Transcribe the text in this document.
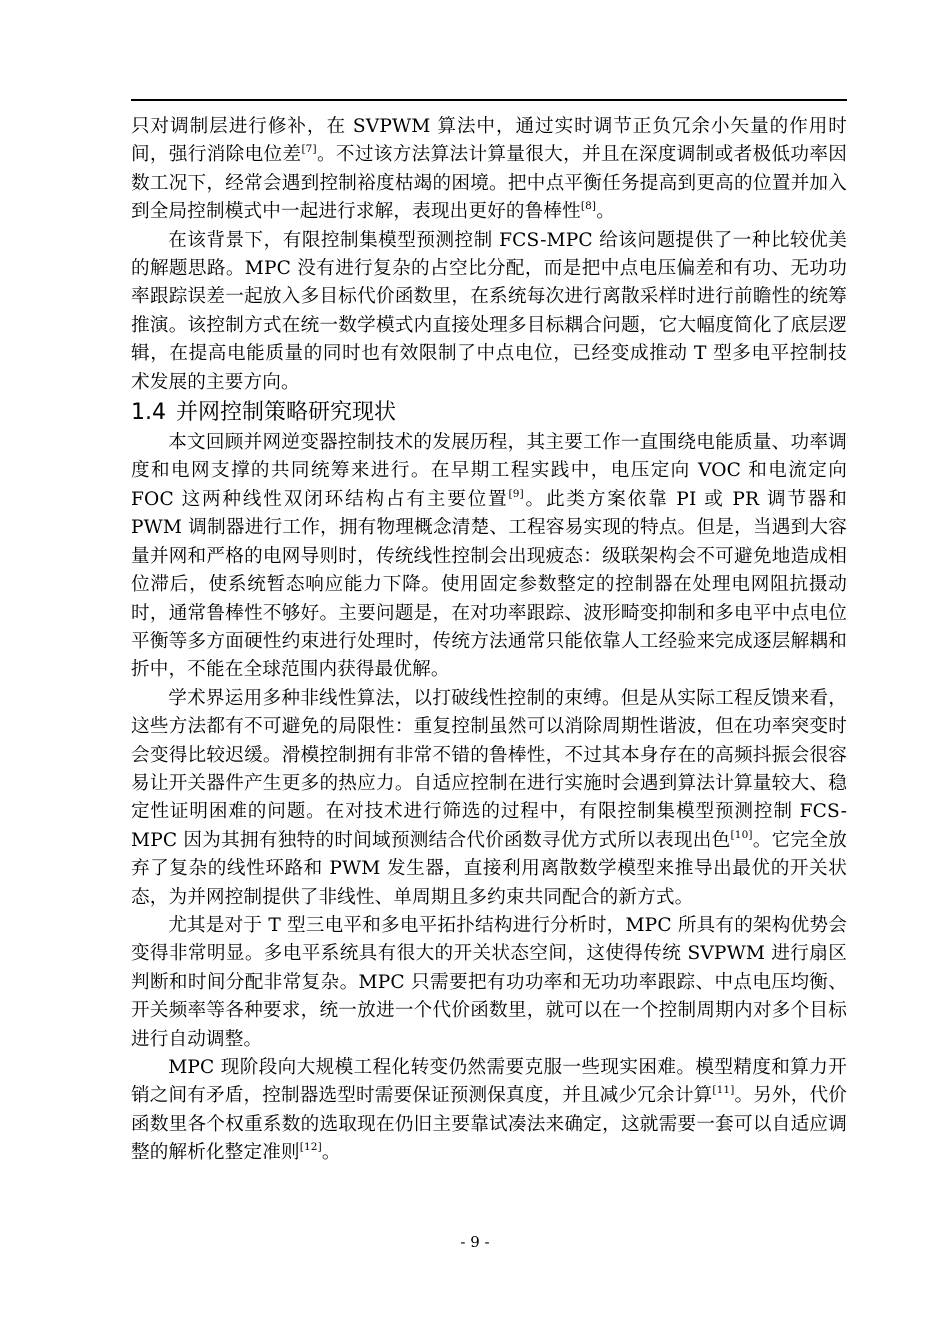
只对调制层进行修补，在 SVPWM 算法中，通过实时调节正负冗余小矢量的作用时间，强行消除电位差[7]。不过该方法算法计算量很大，并且在深度调制或者极低功率因数工况下，经常会遇到控制裕度枯竭的困境。把中点平衡任务提高到更高的位置并加入到全局控制模式中一起进行求解，表现出更好的鲁棒性[8]。

在该背景下，有限控制集模型预测控制 FCS-MPC 给该问题提供了一种比较优美的解题思路。MPC 没有进行复杂的占空比分配，而是把中点电压偏差和有功、无功功率跟踪误差一起放入多目标代价函数里，在系统每次进行离散采样时进行前瞻性的统筹推演。该控制方式在统一数学模式内直接处理多目标耦合问题，它大幅度简化了底层逻辑，在提高电能质量的同时也有效限制了中点电位，已经变成推动 T 型多电平控制技术发展的主要方向。

1.4 并网控制策略研究现状

本文回顾并网逆变器控制技术的发展历程，其主要工作一直围绕电能质量、功率调度和电网支撑的共同统筹来进行。在早期工程实践中，电压定向 VOC 和电流定向 FOC 这两种线性双闭环结构占有主要位置[9]。此类方案依靠 PI 或 PR 调节器和 PWM 调制器进行工作，拥有物理概念清楚、工程容易实现的特点。但是，当遇到大容量并网和严格的电网导则时，传统线性控制会出现疲态：级联架构会不可避免地造成相位滞后，使系统暂态响应能力下降。使用固定参数整定的控制器在处理电网阻抗摄动时，通常鲁棒性不够好。主要问题是，在对功率跟踪、波形畸变抑制和多电平中点电位平衡等多方面硬性约束进行处理时，传统方法通常只能依靠人工经验来完成逐层解耦和折中，不能在全球范围内获得最优解。

学术界运用多种非线性算法，以打破线性控制的束缚。但是从实际工程反馈来看，这些方法都有不可避免的局限性：重复控制虽然可以消除周期性谐波，但在功率突变时会变得比较迟缓。滑模控制拥有非常不错的鲁棒性，不过其本身存在的高频抖振会很容易让开关器件产生更多的热应力。自适应控制在进行实施时会遇到算法计算量较大、稳定性证明困难的问题。在对技术进行筛选的过程中，有限控制集模型预测控制 FCS-MPC 因为其拥有独特的时间域预测结合代价函数寻优方式所以表现出色[10]。它完全放弃了复杂的线性环路和 PWM 发生器，直接利用离散数学模型来推导出最优的开关状态，为并网控制提供了非线性、单周期且多约束共同配合的新方式。

尤其是对于 T 型三电平和多电平拓扑结构进行分析时，MPC 所具有的架构优势会变得非常明显。多电平系统具有很大的开关状态空间，这使得传统 SVPWM 进行扇区判断和时间分配非常复杂。MPC 只需要把有功功率和无功功率跟踪、中点电压均衡、开关频率等各种要求，统一放进一个代价函数里，就可以在一个控制周期内对多个目标进行自动调整。

MPC 现阶段向大规模工程化转变仍然需要克服一些现实困难。模型精度和算力开销之间有矛盾，控制器选型时需要保证预测保真度，并且减少冗余计算[11]。另外，代价函数里各个权重系数的选取现在仍旧主要靠试凑法来确定，这就需要一套可以自适应调整的解析化整定准则[12]。

- 9 -
